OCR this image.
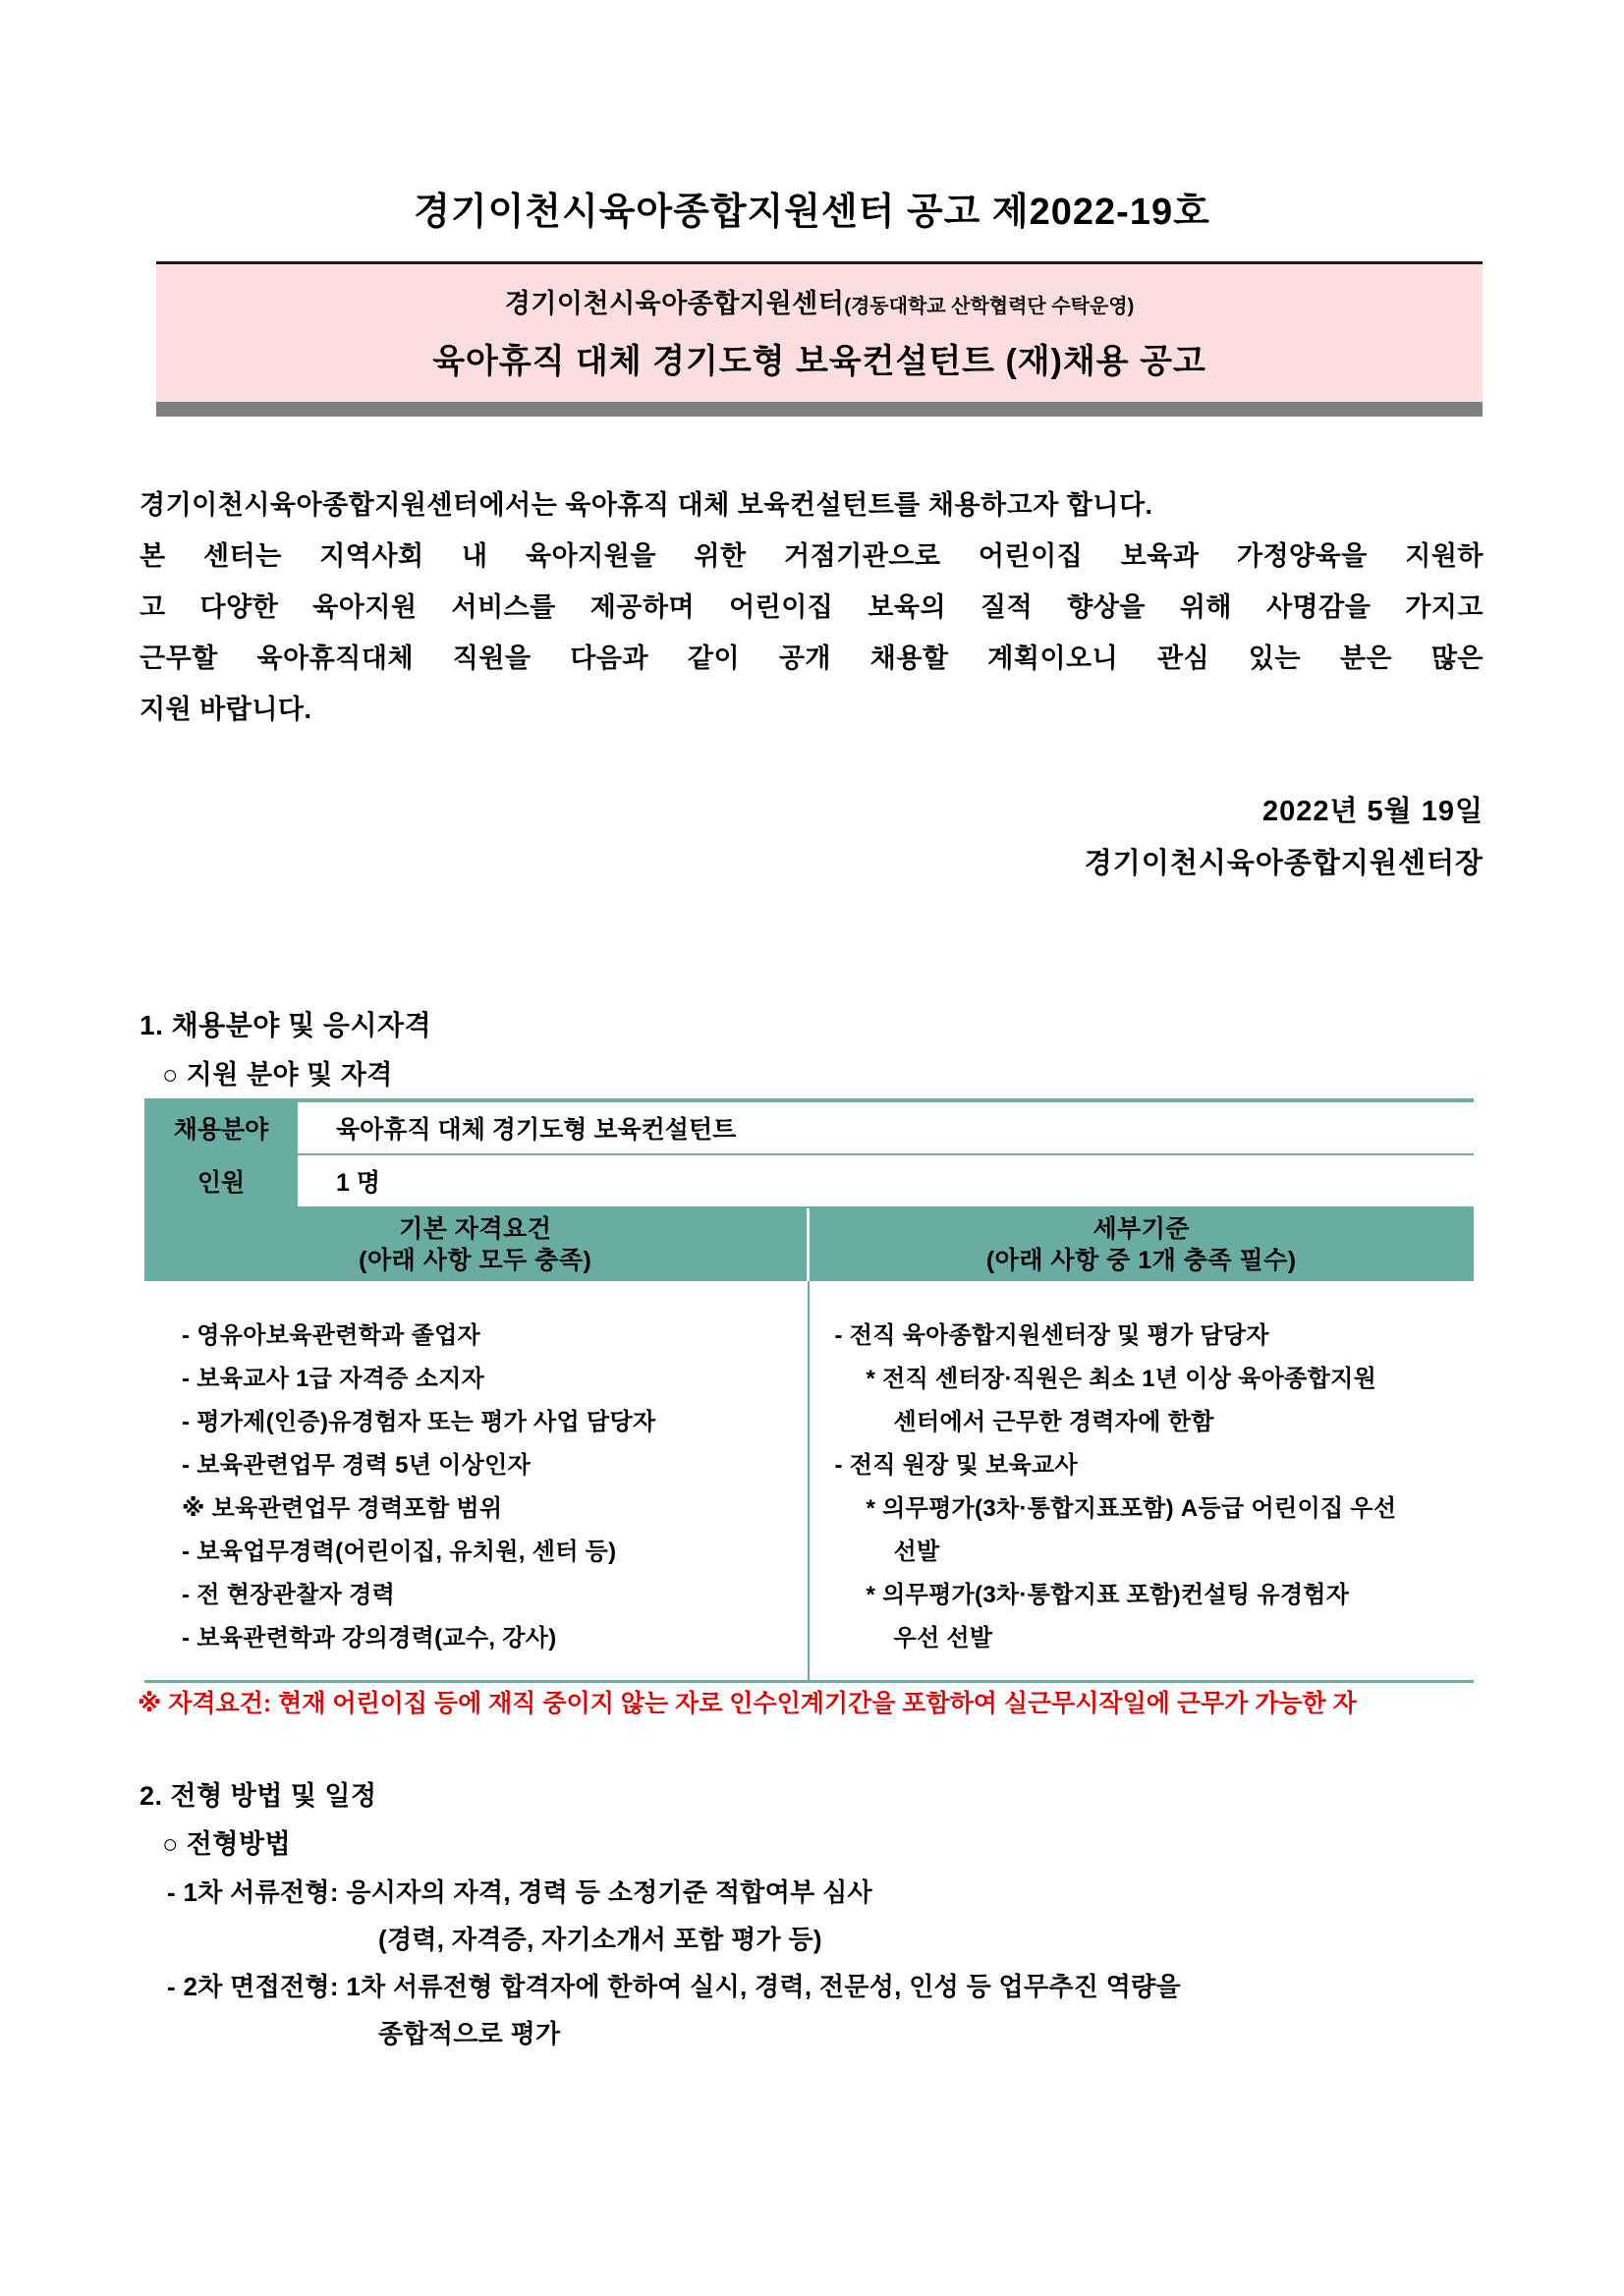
경기이천시육아종합지원센터 공고 제2022-19호
경기이천시육아종합지원센터(경동대학교 산학협력단 수탁운영)
육아휴직 대체 경기도형 보육컨설턴트 (재)채용 공고
경기이천시육아종합지원센터에서는 육아휴직 대체 보육컨설턴트를 채용하고자 합니다.
본 센터는 지역사회 내 육아지원을 위한 거점기관으로 어린이집 보육과 가정양육을 지원하
고 다양한 육아지원 서비스를 제공하며 어린이집 보육의 질적 향상을 위해 사명감을 가지고
근무할 육아휴직대체 직원을 다음과 같이 공개 채용할 계획이오니 관심 있는 분은 많은
지원 바랍니다.
2022년 5월 19일
경기이천시육아종합지원센터장
1. 채용분야 및 응시자격
○ 지원 분야 및 자격
채용분야	육아휴직 대체 경기도형 보육컨설턴트
인원	1 명
기본 자격요건
(아래 사항 모두 충족)
세부기준
(아래 사항 중 1개 충족 필수)
- 영유아보육관련학과 졸업자
- 보육교사 1급 자격증 소지자
- 평가제(인증)유경험자 또는 평가 사업 담당자
- 보육관련업무 경력 5년 이상인자
※ 보육관련업무 경력포함 범위
- 보육업무경력(어린이집, 유치원, 센터 등)
- 전 현장관찰자 경력
- 보육관련학과 강의경력(교수, 강사)
- 전직 육아종합지원센터장 및 평가 담당자
* 전직 센터장·직원은 최소 1년 이상 육아종합지원
센터에서 근무한 경력자에 한함
- 전직 원장 및 보육교사
* 의무평가(3차·통합지표포함) A등급 어린이집 우선
선발
* 의무평가(3차·통합지표 포함)컨설팅 유경험자
우선 선발
※ 자격요건: 현재 어린이집 등에 재직 중이지 않는 자로 인수인계기간을 포함하여 실근무시작일에 근무가 가능한 자
2. 전형 방법 및 일정
○ 전형방법
- 1차 서류전형: 응시자의 자격, 경력 등 소정기준 적합여부 심사
(경력, 자격증, 자기소개서 포함 평가 등)
- 2차 면접전형: 1차 서류전형 합격자에 한하여 실시, 경력, 전문성, 인성 등 업무추진 역량을
종합적으로 평가
